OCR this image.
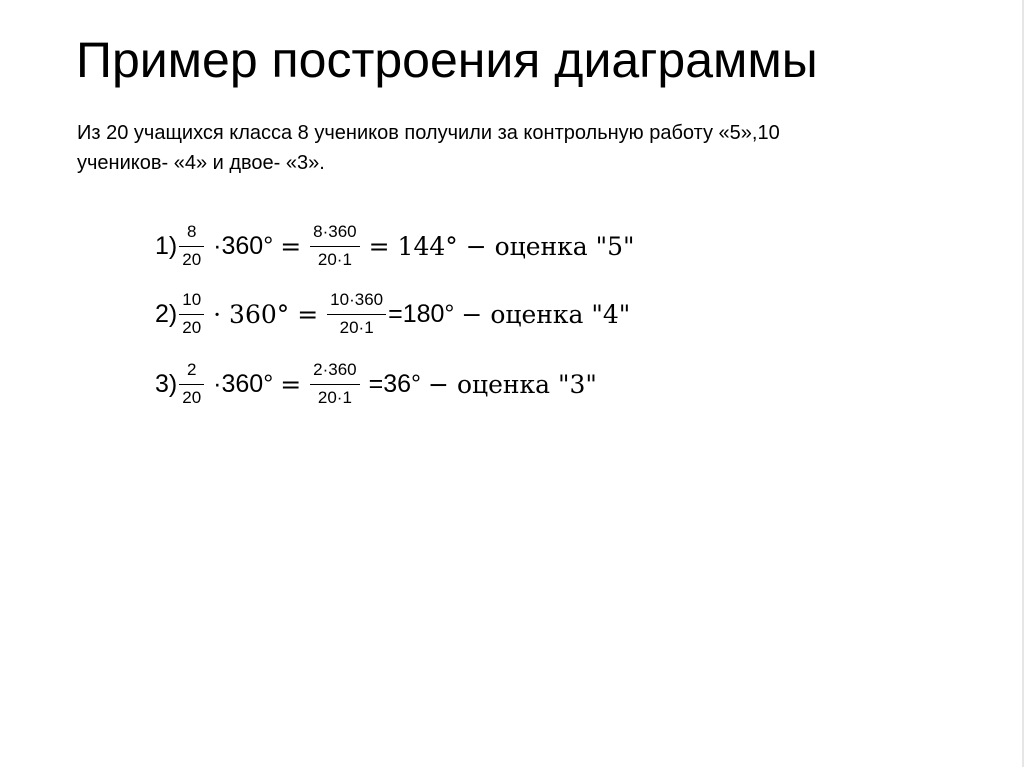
Пример построения диаграммы

Из 20 учащихся класса 8 учеников получили за контрольную работу «5»,10

учеников- «4» и двое- «3».

$1) \frac{8}{20} \cdot 360^\circ = \frac{8\cdot 360}{20\cdot 1} = 144^\circ$ − оценка "5"
$2) \frac{10}{20} \cdot 360^\circ = \frac{10\cdot 360}{20\cdot 1} =180^\circ$ − оценка "4"
$3) \frac{2}{20} \cdot 360^\circ = \frac{2\cdot 360}{20\cdot 1} =36^\circ$ − оценка "3"
